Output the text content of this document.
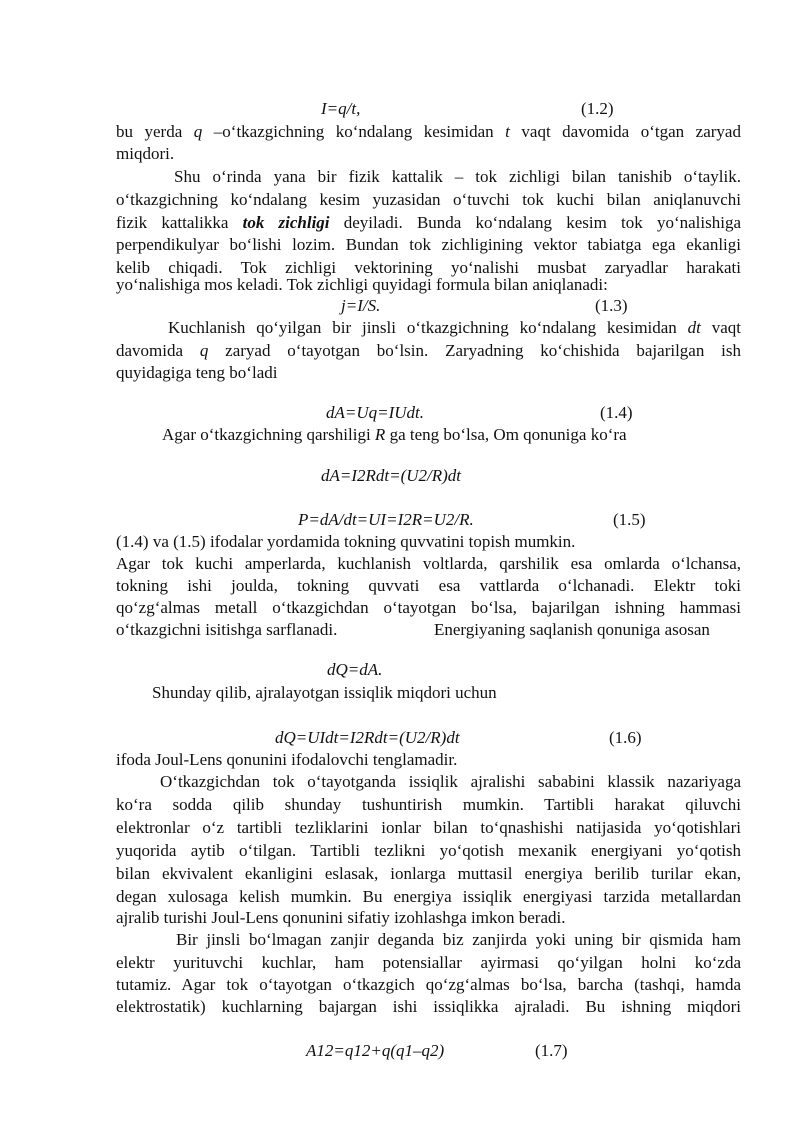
I=q/t,	(1.2)
bu yerda q –o‘tkazgichning ko‘ndalang kesimidan t vaqt davomida o‘tgan zaryad
miqdori.
Shu o‘rinda yana bir fizik kattalik – tok zichligi bilan tanishib o‘taylik.
o‘tkazgichning ko‘ndalang kesim yuzasidan o‘tuvchi tok kuchi bilan aniqlanuvchi
fizik kattalikka tok zichligi deyiladi. Bunda ko‘ndalang kesim tok yo‘nalishiga
perpendikulyar bo‘lishi lozim. Bundan tok zichligining vektor tabiatga ega ekanligi
kelib chiqadi. Tok zichligi vektorining yo‘nalishi musbat zaryadlar harakati
yo‘nalishiga mos keladi. Tok zichligi quyidagi formula bilan aniqlanadi:
j=I/S.	(1.3)
Kuchlanish qo‘yilgan bir jinsli o‘tkazgichning ko‘ndalang kesimidan dt vaqt
davomida q zaryad o‘tayotgan bo‘lsin. Zaryadning ko‘chishida bajarilgan ish
quyidagiga teng bo‘ladi
dA=Uq=IUdt.	(1.4)
Agar o‘tkazgichning qarshiligi R ga teng bo‘lsa, Om qonuniga ko‘ra
dA=I2Rdt=(U2/R)dt
P=dA/dt=UI=I2R=U2/R.	(1.5)
(1.4) va (1.5) ifodalar yordamida tokning quvvatini topish mumkin.
Agar tok kuchi amperlarda, kuchlanish voltlarda, qarshilik esa omlarda o‘lchansa,
tokning ishi joulda, tokning quvvati esa vattlarda o‘lchanadi. Elektr toki
qo‘zg‘almas metall o‘tkazgichdan o‘tayotgan bo‘lsa, bajarilgan ishning hammasi
o‘tkazgichni isitishga sarflanadi.	Energiyaning saqlanish qonuniga asosan
dQ=dA.
Shunday qilib, ajralayotgan issiqlik miqdori uchun
dQ=UIdt=I2Rdt=(U2/R)dt	(1.6)
ifoda Joul-Lens qonunini ifodalovchi tenglamadir.
O‘tkazgichdan tok o‘tayotganda issiqlik ajralishi sababini klassik nazariyaga
ko‘ra sodda qilib shunday tushuntirish mumkin. Tartibli harakat qiluvchi
elektronlar o‘z tartibli tezliklarini ionlar bilan to‘qnashishi natijasida yo‘qotishlari
yuqorida aytib o‘tilgan. Tartibli tezlikni yo‘qotish mexanik energiyani yo‘qotish
bilan ekvivalent ekanligini eslasak, ionlarga muttasil energiya berilib turilar ekan,
degan xulosaga kelish mumkin. Bu energiya issiqlik energiyasi tarzida metallardan
ajralib turishi Joul-Lens qonunini sifatiy izohlashga imkon beradi.
Bir jinsli bo‘lmagan zanjir deganda biz zanjirda yoki uning bir qismida ham
elektr yurituvchi kuchlar, ham potensiallar ayirmasi qo‘yilgan holni ko‘zda
tutamiz. Agar tok o‘tayotgan o‘tkazgich qo‘zg‘almas bo‘lsa, barcha (tashqi, hamda
elektrostatik) kuchlarning bajargan ishi issiqlikka ajraladi. Bu ishning miqdori
A12=q12+q(q1–q2)	(1.7)
